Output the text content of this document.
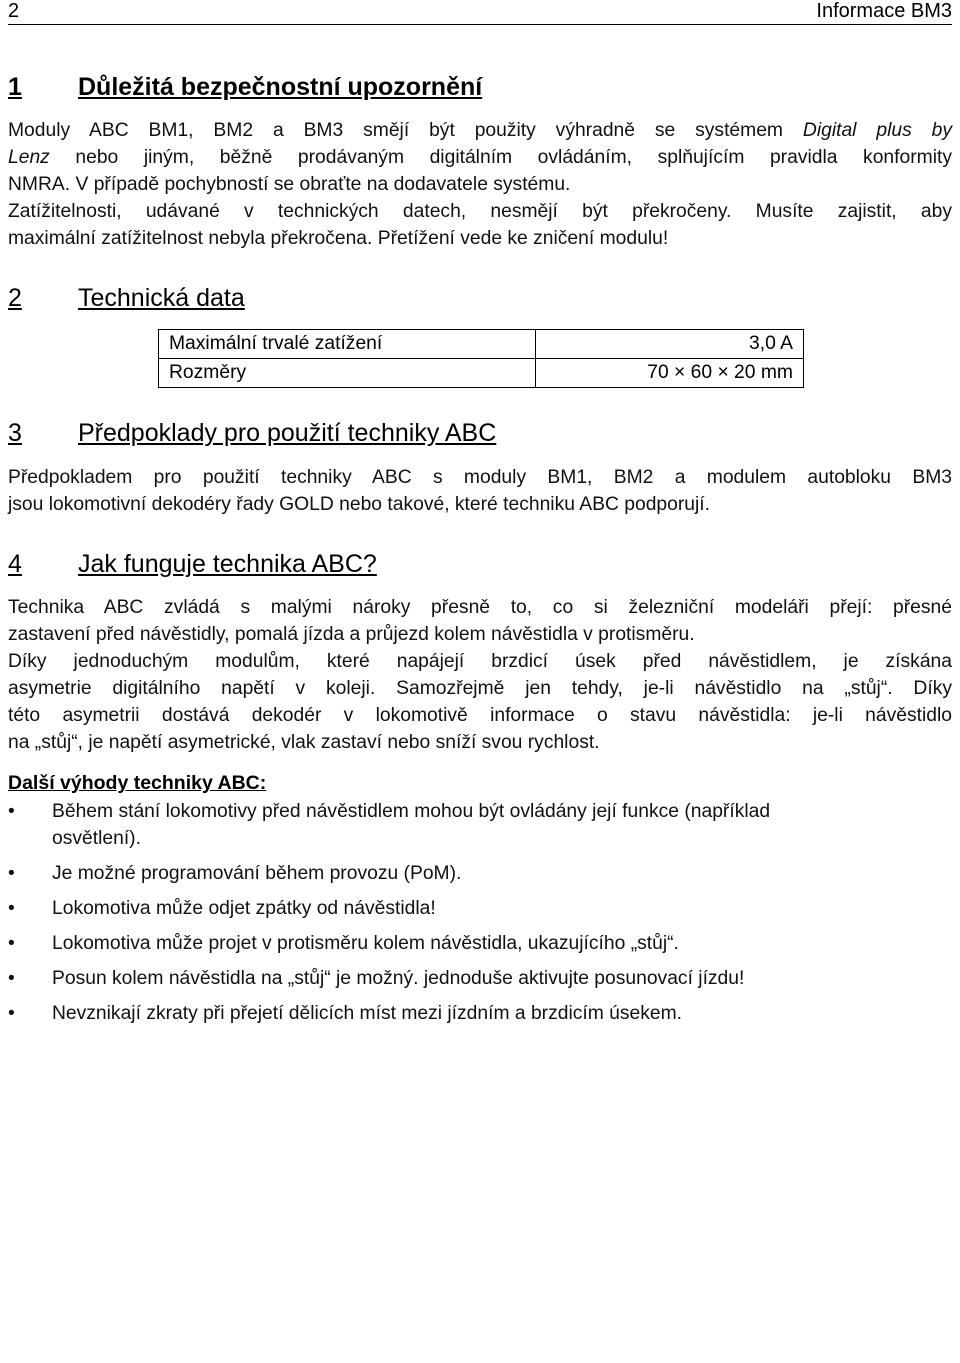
2	Informace BM3
1	Důležitá bezpečnostní upozornění
Moduly ABC BM1, BM2 a BM3 smějí být použity výhradně se systémem Digital plus by
Lenz nebo jiným, běžně prodávaným digitálním ovládáním, splňujícím pravidla konformity
NMRA. V případě pochybností se obraťte na dodavatele systému.
Zatížitelnosti, udávané v technických datech, nesmějí být překročeny. Musíte zajistit, aby
maximální zatížitelnost nebyla překročena. Přetížení vede ke zničení modulu!
2	Technická data
Maximální trvalé zatížení	3,0 A
Rozměry	70 × 60 × 20 mm
3	Předpoklady pro použití techniky ABC
Předpokladem pro použití techniky ABC s moduly BM1, BM2 a modulem autobloku BM3
jsou lokomotivní dekodéry řady GOLD nebo takové, které techniku ABC podporují.
4	Jak funguje technika ABC?
Technika ABC zvládá s malými nároky přesně to, co si železniční modeláři přejí: přesné
zastavení před návěstidly, pomalá jízda a průjezd kolem návěstidla v protisměru.
Díky jednoduchým modulům, které napájejí brzdicí úsek před návěstidlem, je získána
asymetrie digitálního napětí v koleji. Samozřejmě jen tehdy, je-li návěstidlo na „stůj“. Díky
této asymetrii dostává dekodér v lokomotivě informace o stavu návěstidla: je-li návěstidlo
na „stůj“, je napětí asymetrické, vlak zastaví nebo sníží svou rychlost.
Další výhody techniky ABC:
•	Během stání lokomotivy před návěstidlem mohou být ovládány její funkce (například
osvětlení).
•	Je možné programování během provozu (PoM).
•	Lokomotiva může odjet zpátky od návěstidla!
•	Lokomotiva může projet v protisměru kolem návěstidla, ukazujícího „stůj“.
•	Posun kolem návěstidla na „stůj“ je možný. jednoduše aktivujte posunovací jízdu!
•	Nevznikají zkraty při přejetí dělicích míst mezi jízdním a brzdicím úsekem.
